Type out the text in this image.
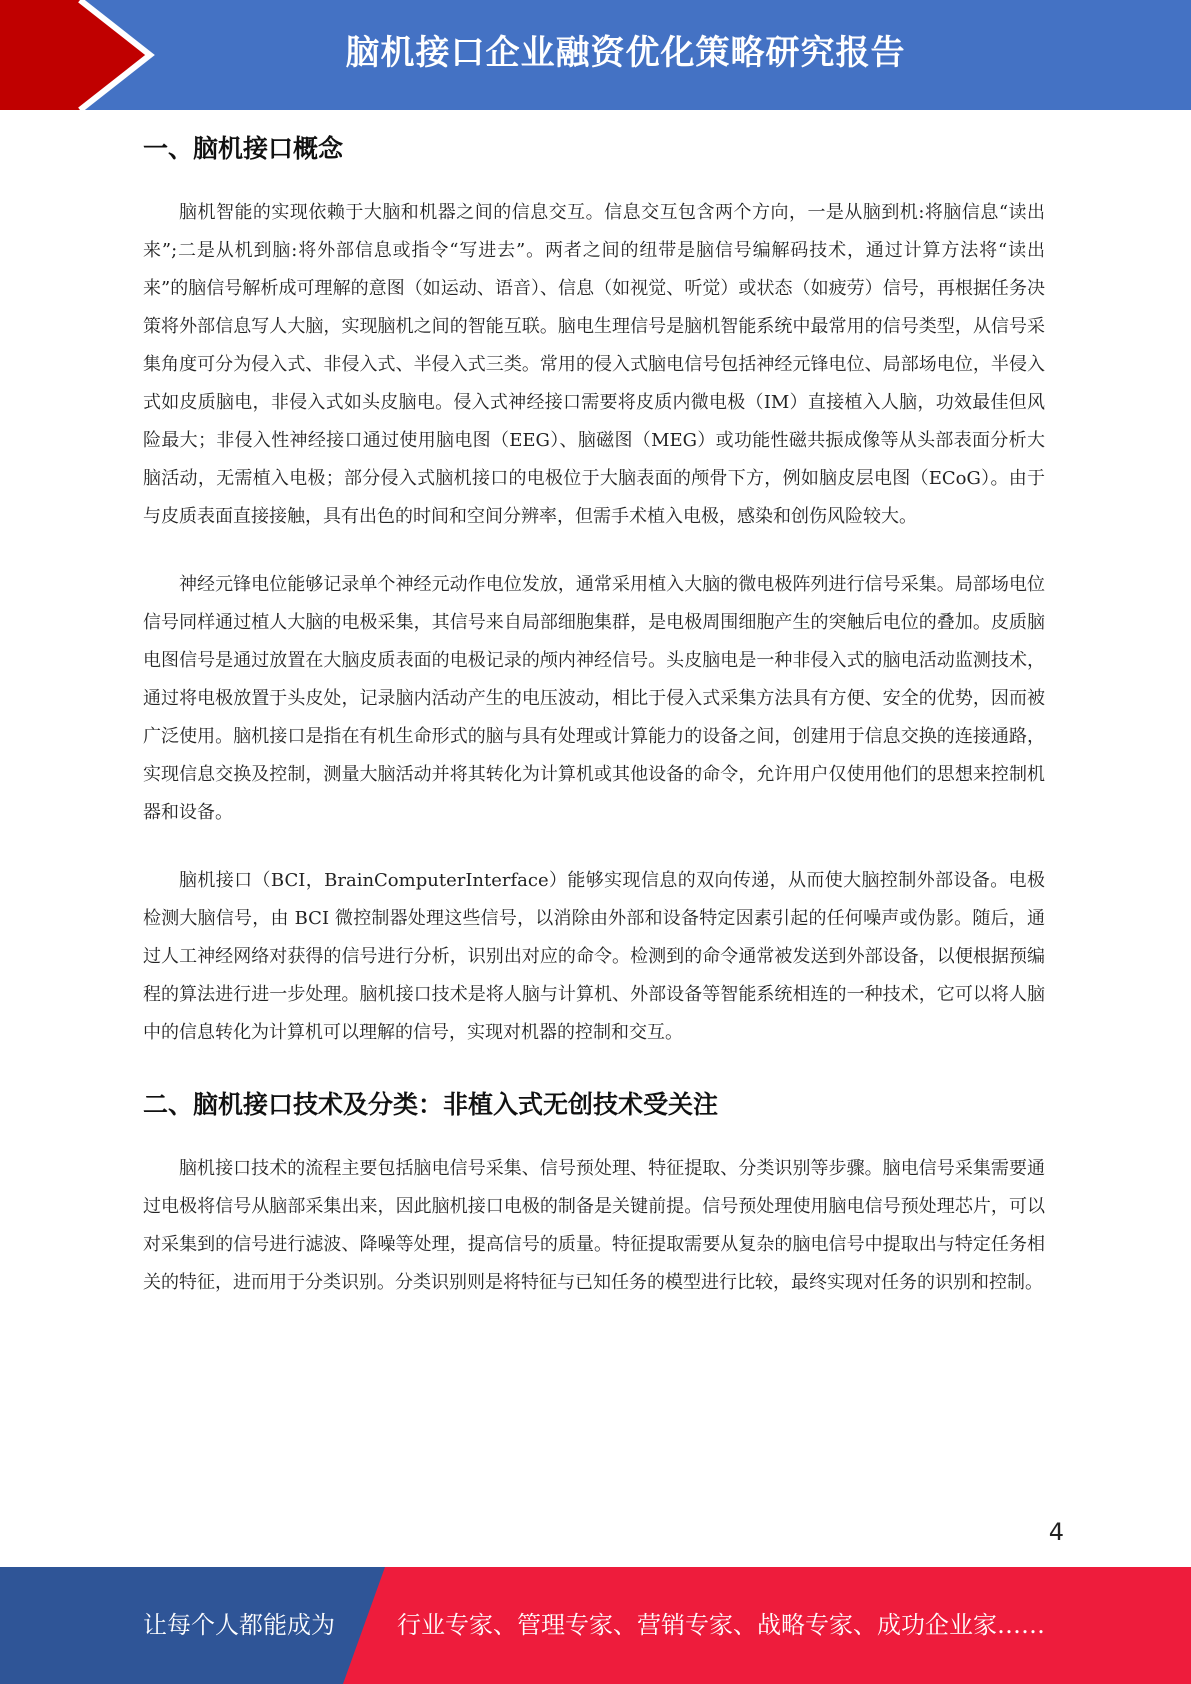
脑机接口企业融资优化策略研究报告
一、脑机接口概念

脑机智能的实现依赖于大脑和机器之间的信息交互。信息交互包含两个方向，一是从脑到机:将脑信息“读出来”;二是从机到脑:将外部信息或指令“写进去”。两者之间的纽带是脑信号编解码技术，通过计算方法将“读出来”的脑信号解析成可理解的意图（如运动、语音）、信息（如视觉、听觉）或状态（如疲劳）信号，再根据任务决策将外部信息写人大脑，实现脑机之间的智能互联。脑电生理信号是脑机智能系统中最常用的信号类型，从信号采集角度可分为侵入式、非侵入式、半侵入式三类。常用的侵入式脑电信号包括神经元锋电位、局部场电位，半侵入式如皮质脑电，非侵入式如头皮脑电。侵入式神经接口需要将皮质内微电极（IM）直接植入人脑，功效最佳但风险最大；非侵入性神经接口通过使用脑电图（EEG）、脑磁图（MEG）或功能性磁共振成像等从头部表面分析大脑活动，无需植入电极；部分侵入式脑机接口的电极位于大脑表面的颅骨下方，例如脑皮层电图（ECoG）。由于与皮质表面直接接触，具有出色的时间和空间分辨率，但需手术植入电极，感染和创伤风险较大。

神经元锋电位能够记录单个神经元动作电位发放，通常采用植入大脑的微电极阵列进行信号采集。局部场电位信号同样通过植人大脑的电极采集，其信号来自局部细胞集群，是电极周围细胞产生的突触后电位的叠加。皮质脑电图信号是通过放置在大脑皮质表面的电极记录的颅内神经信号。头皮脑电是一种非侵入式的脑电活动监测技术，通过将电极放置于头皮处，记录脑内活动产生的电压波动，相比于侵入式采集方法具有方便、安全的优势，因而被广泛使用。脑机接口是指在有机生命形式的脑与具有处理或计算能力的设备之间，创建用于信息交换的连接通路，实现信息交换及控制，测量大脑活动并将其转化为计算机或其他设备的命令，允许用户仅使用他们的思想来控制机器和设备。

脑机接口（BCI，BrainComputerInterface）能够实现信息的双向传递，从而使大脑控制外部设备。电极检测大脑信号，由 BCI 微控制器处理这些信号，以消除由外部和设备特定因素引起的任何噪声或伪影。随后，通过人工神经网络对获得的信号进行分析，识别出对应的命令。检测到的命令通常被发送到外部设备，以便根据预编程的算法进行进一步处理。脑机接口技术是将人脑与计算机、外部设备等智能系统相连的一种技术，它可以将人脑中的信息转化为计算机可以理解的信号，实现对机器的控制和交互。

二、脑机接口技术及分类：非植入式无创技术受关注

脑机接口技术的流程主要包括脑电信号采集、信号预处理、特征提取、分类识别等步骤。脑电信号采集需要通过电极将信号从脑部采集出来，因此脑机接口电极的制备是关键前提。信号预处理使用脑电信号预处理芯片，可以对采集到的信号进行滤波、降噪等处理，提高信号的质量。特征提取需要从复杂的脑电信号中提取出与特定任务相关的特征，进而用于分类识别。分类识别则是将特征与已知任务的模型进行比较，最终实现对任务的识别和控制。

4
让每个人都能成为	行业专家、管理专家、营销专家、战略专家、成功企业家……
